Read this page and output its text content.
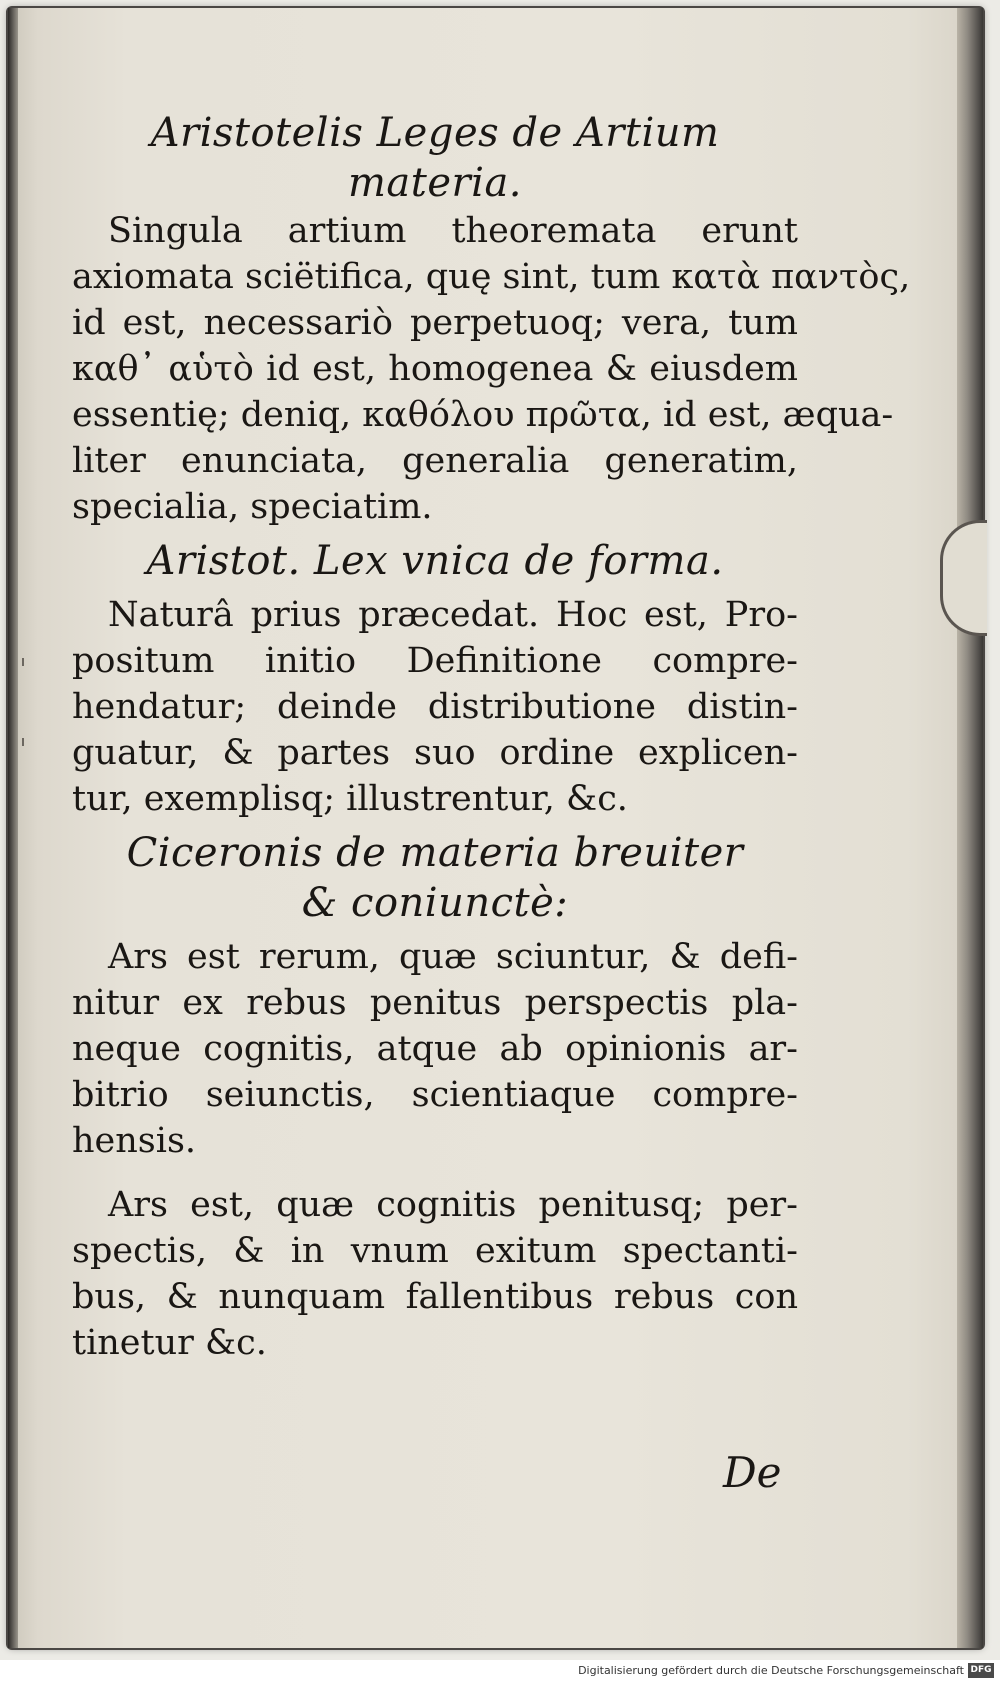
Aristotelis Leges de Artium

materia.

Singula artium theoremata erunt

axiomata sciëtifica, quę sint, tum κατὰ παντὸς,

id est, necessariò perpetuoq; vera, tum

καθ᾽ αὑτὸ id est, homogenea & eiusdem

essentię; deniq, καθόλου πρῶτα, id est, æqua-

liter enunciata, generalia generatim,

specialia, speciatim.

Aristot. Lex vnica de forma.

Naturâ prius præcedat. Hoc est, Pro-

positum initio Definitione compre-

hendatur; deinde distributione distin-

guatur, & partes suo ordine explicen-

tur, exemplisq; illustrentur, &c.

Ciceronis de materia breuiter

& coniunctè:

Ars est rerum, quæ sciuntur, & defi-

nitur ex rebus penitus perspectis pla-

neque cognitis, atque ab opinionis ar-

bitrio seiunctis, scientiaque compre-

hensis.

Ars est, quæ cognitis penitusq; per-

spectis, & in vnum exitum spectanti-

bus, & nunquam fallentibus rebus con

tinetur &c.

De
Digitalisierung gefördert durch die Deutsche Forschungsgemeinschaft DFG
